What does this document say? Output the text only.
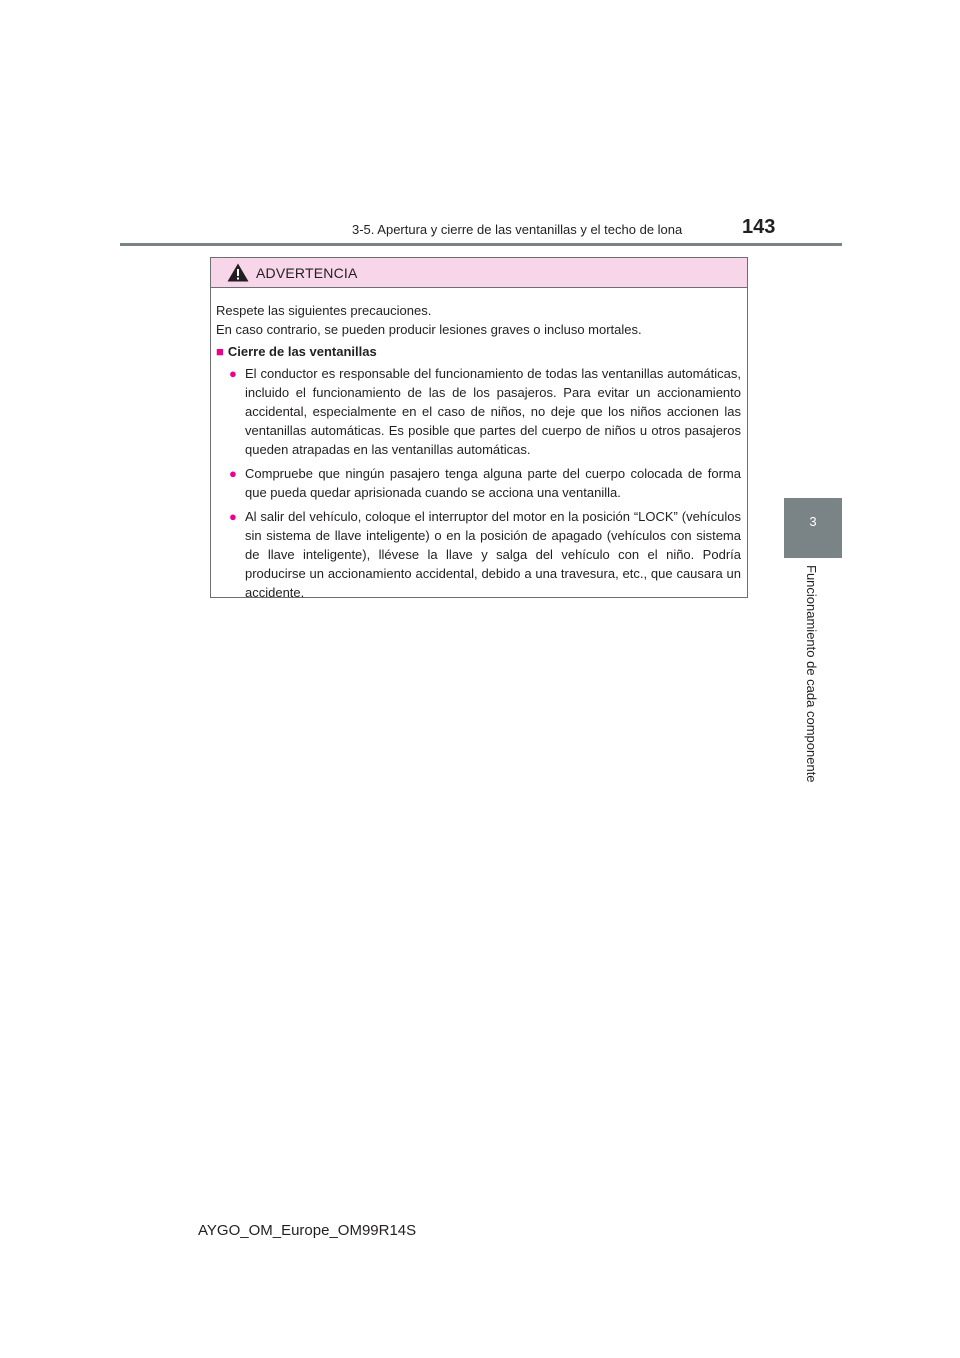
3-5. Apertura y cierre de las ventanillas y el techo de lona	143
3
Funcionamiento de cada componente
ADVERTENCIA

Respete las siguientes precauciones.

En caso contrario, se pueden producir lesiones graves o incluso mortales.

■ Cierre de las ventanillas
● El conductor es responsable del funcionamiento de todas las ventanillas automáticas, incluido el funcionamiento de las de los pasajeros. Para evitar un accionamiento accidental, especialmente en el caso de niños, no deje que los niños accionen las ventanillas automáticas. Es posible que partes del cuerpo de niños u otros pasajeros queden atrapadas en las ventanillas automáticas.
● Compruebe que ningún pasajero tenga alguna parte del cuerpo colocada de forma que pueda quedar aprisionada cuando se acciona una ventanilla.
● Al salir del vehículo, coloque el interruptor del motor en la posición “LOCK” (vehículos sin sistema de llave inteligente) o en la posición de apagado (vehículos con sistema de llave inteligente), llévese la llave y salga del vehículo con el niño. Podría producirse un accionamiento accidental, debido a una travesura, etc., que causara un accidente.
AYGO_OM_Europe_OM99R14S
